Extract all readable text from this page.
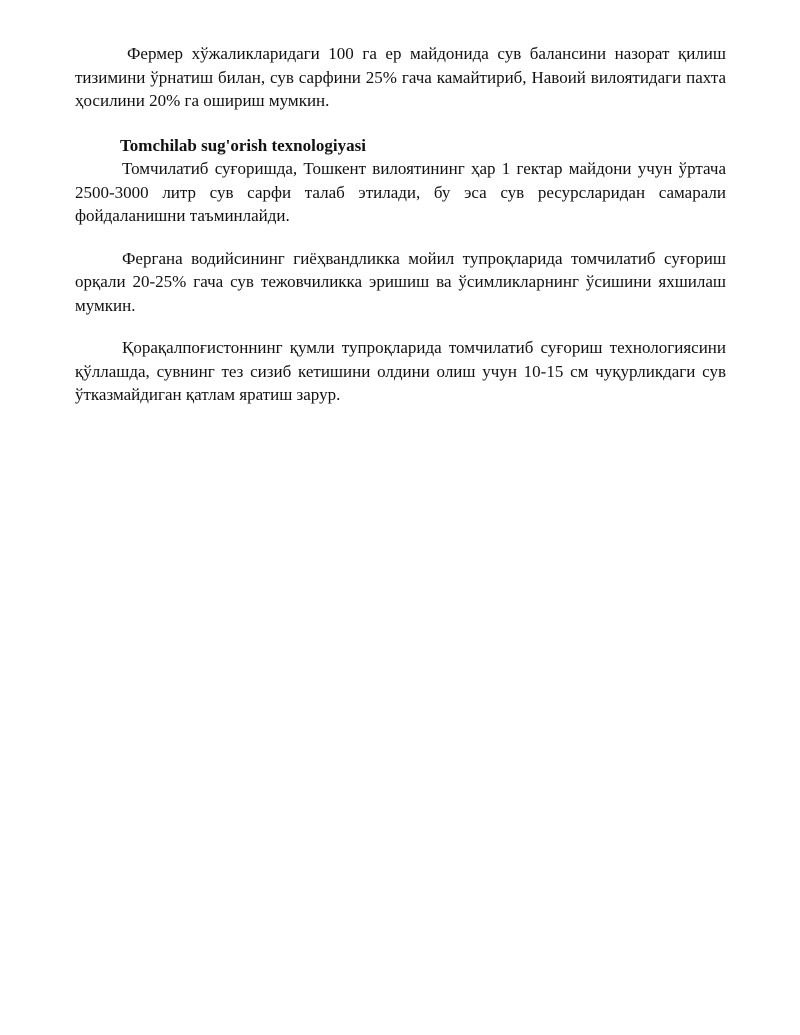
Фермер хўжаликларидаги 100 га ер майдонида сув балансини назорат қилиш тизимини ўрнатиш билан, сув сарфини 25% гача камайтириб, Навоий вилоятидаги пахта ҳосилини 20% га ошириш мумкин.

Tomchilab sug'orish texnologiyasi

Томчилатиб суғоришда, Тошкент вилоятининг ҳар 1 гектар майдони учун ўртача 2500-3000 литр сув сарфи талаб этилади, бу эса сув ресурсларидан самарали фойдаланишни таъминлайди.

Фергана водийсининг гиёҳвандликка мойил тупроқларида томчилатиб суғориш орқали 20-25% гача сув тежовчиликка эришиш ва ўсимликларнинг ўсишини яхшилаш мумкин.

Қорақалпоғистоннинг қумли тупроқларида томчилатиб суғориш технологиясини қўллашда, сувнинг тез сизиб кетишини олдини олиш учун 10-15 см чуқурликдаги сув ўтказмайдиган қатлам яратиш зарур.
